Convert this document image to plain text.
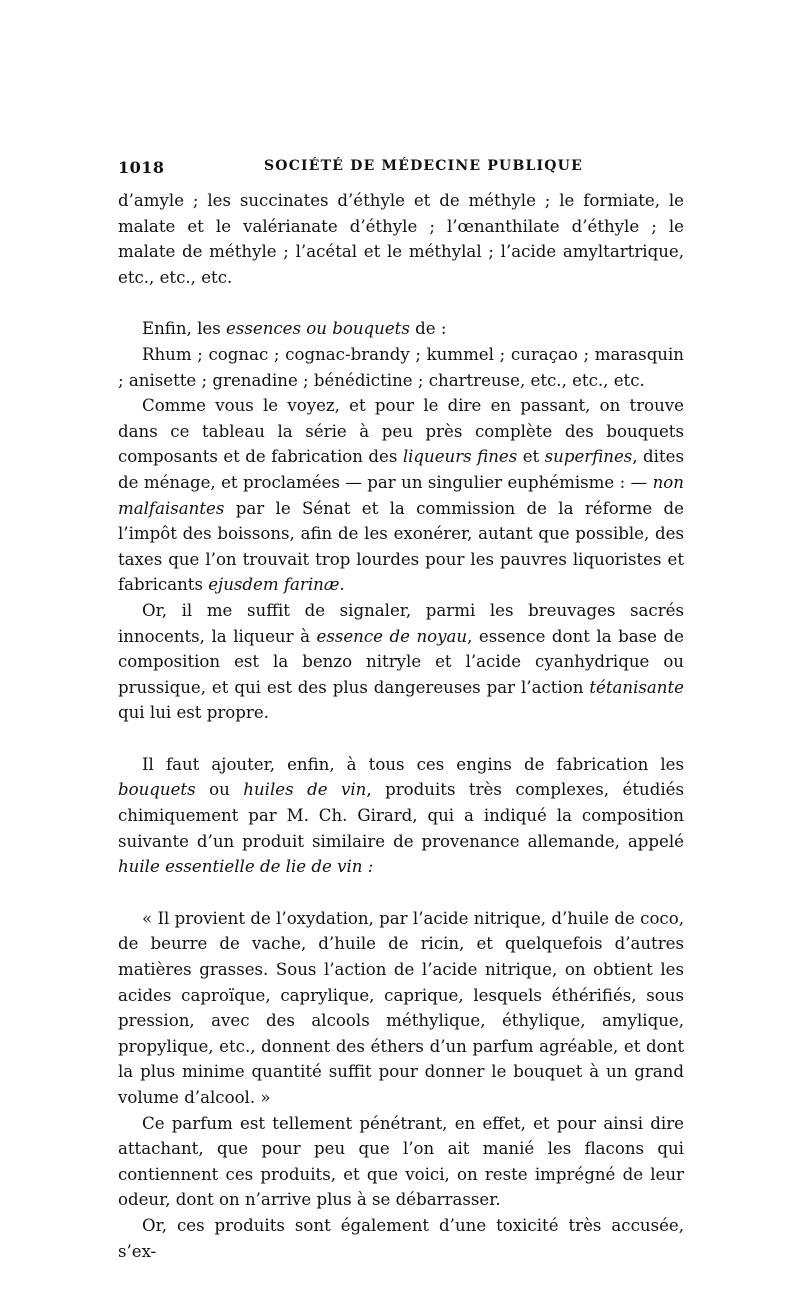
1018	SOCIÉTÉ DE MÉDECINE PUBLIQUE

d’amyle ; les succinates d’éthyle et de méthyle ; le formiate, le malate et le valérianate d’éthyle ; l’œnanthilate d’éthyle ; le malate de méthyle ; l’acétal et le méthylal ; l’acide amyltartrique, etc., etc., etc.

Enfin, les essences ou bouquets de :

Rhum ; cognac ; cognac-brandy ; kummel ; curaçao ; marasquin ; anisette ; grenadine ; bénédictine ; chartreuse, etc., etc., etc.

Comme vous le voyez, et pour le dire en passant, on trouve dans ce tableau la série à peu près complète des bouquets composants et de fabrication des liqueurs fines et superfines, dites de ménage, et proclamées — par un singulier euphémisme : — non malfaisantes par le Sénat et la commission de la réforme de l’impôt des boissons, afin de les exonérer, autant que possible, des taxes que l’on trouvait trop lourdes pour les pauvres liquoristes et fabricants ejusdem farinæ.

Or, il me suffit de signaler, parmi les breuvages sacrés innocents, la liqueur à essence de noyau, essence dont la base de composition est la benzo nitryle et l’acide cyanhydrique ou prussique, et qui est des plus dangereuses par l’action tétanisante qui lui est propre.

Il faut ajouter, enfin, à tous ces engins de fabrication les bouquets ou huiles de vin, produits très complexes, étudiés chimiquement par M. Ch. Girard, qui a indiqué la composition suivante d’un produit similaire de provenance allemande, appelé huile essentielle de lie de vin :

« Il provient de l’oxydation, par l’acide nitrique, d’huile de coco, de beurre de vache, d’huile de ricin, et quelquefois d’autres matières grasses. Sous l’action de l’acide nitrique, on obtient les acides caproïque, caprylique, caprique, lesquels éthérifiés, sous pression, avec des alcools méthylique, éthylique, amylique, propylique, etc., donnent des éthers d’un parfum agréable, et dont la plus minime quantité suffit pour donner le bouquet à un grand volume d’alcool. »

Ce parfum est tellement pénétrant, en effet, et pour ainsi dire attachant, que pour peu que l’on ait manié les flacons qui contiennent ces produits, et que voici, on reste imprégné de leur odeur, dont on n’arrive plus à se débarrasser.

Or, ces produits sont également d’une toxicité très accusée, s’ex-
